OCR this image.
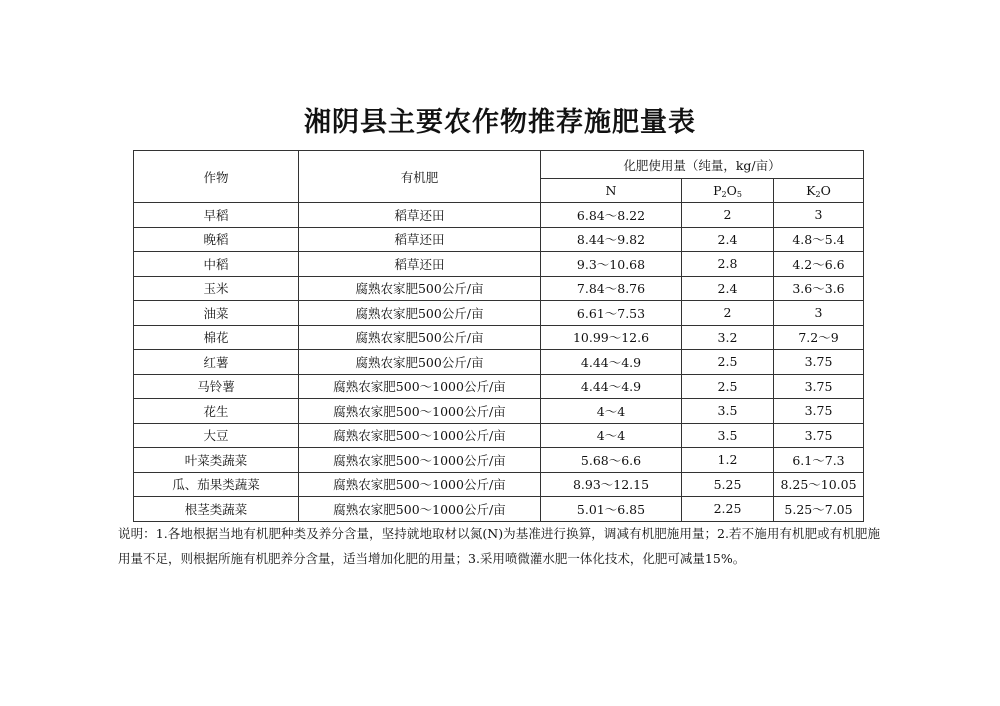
湘阴县主要农作物推荐施肥量表
作物	有机肥	化肥使用量（纯量，kg/亩）		
		N	$P_2O_5$	$K_2O$
早稻	稻草还田	6.84～8.22	2	3
晚稻	稻草还田	8.44～9.82	2.4	4.8～5.4
中稻	稻草还田	9.3～10.68	2.8	4.2～6.6
玉米	腐熟农家肥500公斤/亩	7.84～8.76	2.4	3.6～3.6
油菜	腐熟农家肥500公斤/亩	6.61～7.53	2	3
棉花	腐熟农家肥500公斤/亩	10.99～12.6	3.2	7.2～9
红薯	腐熟农家肥500公斤/亩	4.44～4.9	2.5	3.75
马铃薯	腐熟农家肥500～1000公斤/亩	4.44～4.9	2.5	3.75
花生	腐熟农家肥500～1000公斤/亩	4～4	3.5	3.75
大豆	腐熟农家肥500～1000公斤/亩	4～4	3.5	3.75
叶菜类蔬菜	腐熟农家肥500～1000公斤/亩	5.68～6.6	1.2	6.1～7.3
瓜、茄果类蔬菜	腐熟农家肥500～1000公斤/亩	8.93～12.15	5.25	8.25～10.05
根茎类蔬菜	腐熟农家肥500～1000公斤/亩	5.01～6.85	2.25	5.25～7.05
说明：1.各地根据当地有机肥种类及养分含量，坚持就地取材以氮(N)为基准进行换算，调减有机肥施用量；2.若不施用有机肥或有机肥施用量不足，则根据所施有机肥养分含量，适当增加化肥的用量；3.采用喷微灌水肥一体化技术，化肥可减量15%。
